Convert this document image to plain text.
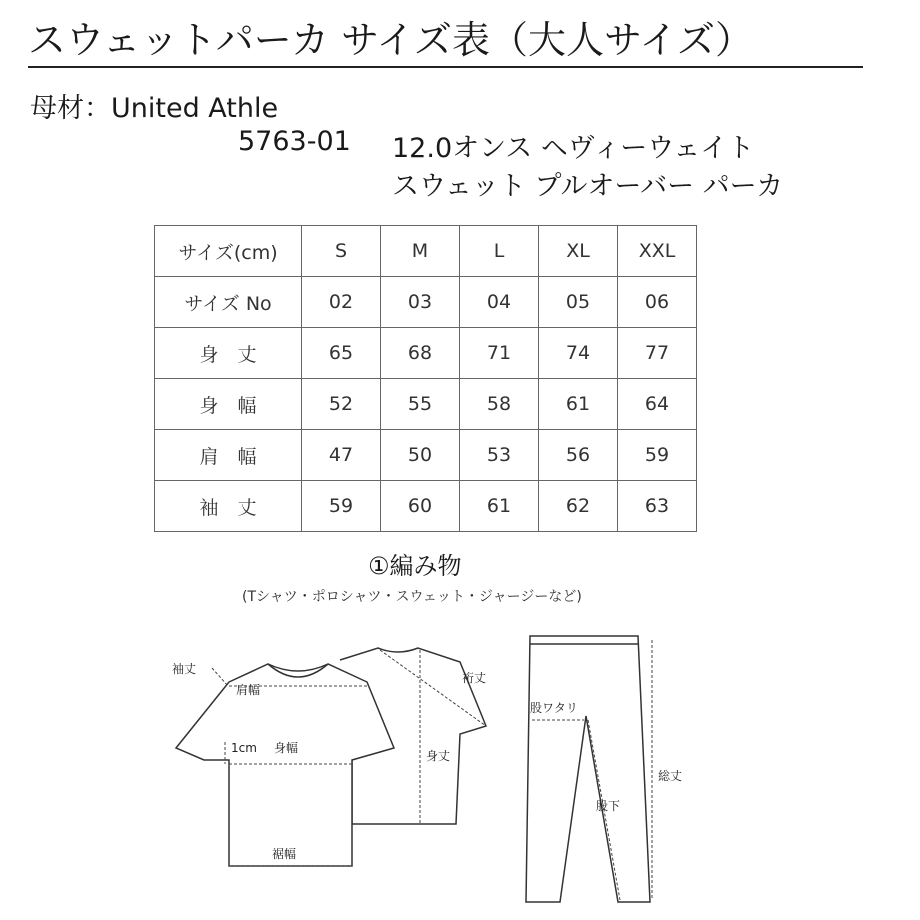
スウェットパーカ サイズ表（大人サイズ）
母材：United Athle
5763-01 12.0オンス ヘヴィーウェイト
スウェット プルオーバー パーカ
サイズ(cm)	S	M	L	XL	XXL
サイズ No	02	03	04	05	06
身　丈	65	68	71	74	77
身　幅	52	55	58	61	64
肩　幅	47	50	53	56	59
袖　丈	59	60	61	62	63
①編み物
(Tシャツ・ポロシャツ・スウェット・ジャージーなど)
袖丈
肩幅
1cm 身幅
裾幅
身丈
裄丈
股ワタリ
股下
総丈
